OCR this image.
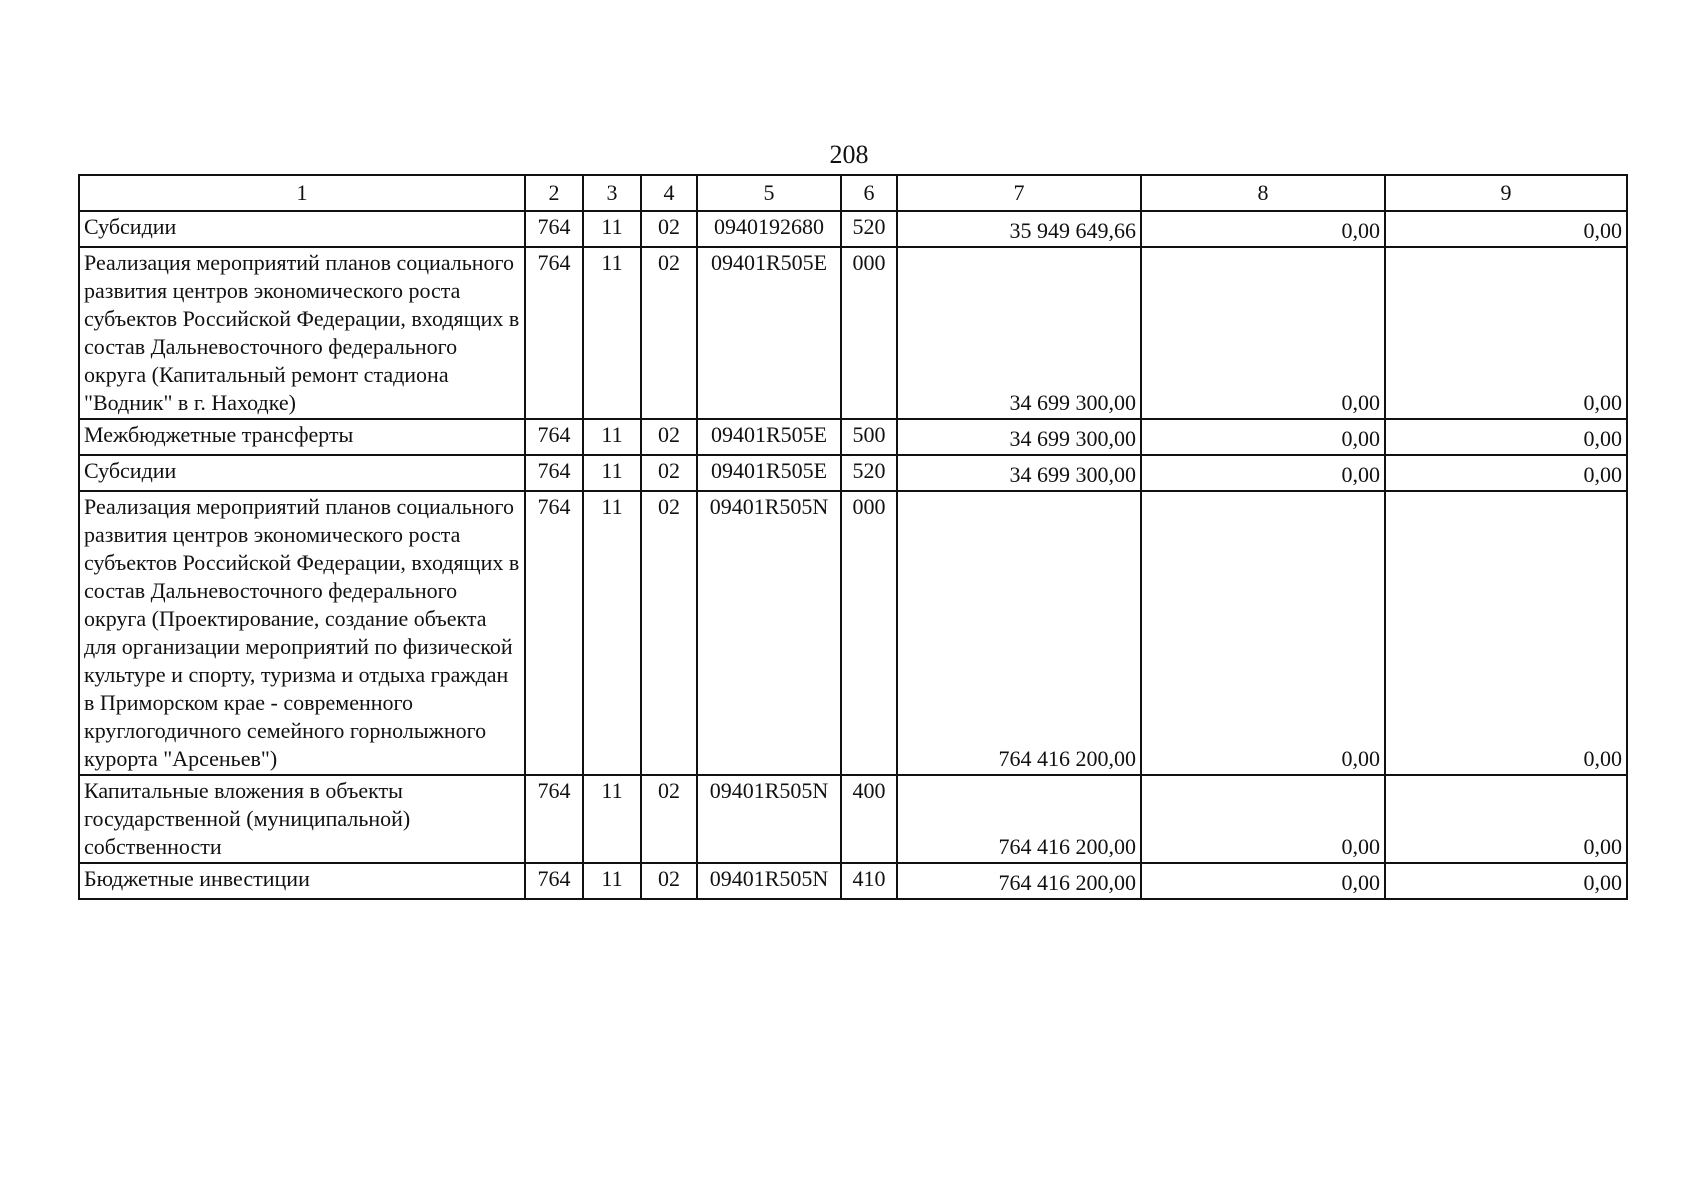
208
1	2	3	4	5	6	7	8	9
Субсидии	764	11	02	0940192680	520	35 949 649,66	0,00	0,00
Реализация мероприятий планов социального развития центров экономического роста субъектов Российской Федерации, входящих в состав Дальневосточного федерального округа (Капитальный ремонт стадиона "Водник" в г. Находке)	764	11	02	09401R505E	000	34 699 300,00	0,00	0,00
Межбюджетные трансферты	764	11	02	09401R505E	500	34 699 300,00	0,00	0,00
Субсидии	764	11	02	09401R505E	520	34 699 300,00	0,00	0,00
Реализация мероприятий планов социального развития центров экономического роста субъектов Российской Федерации, входящих в состав Дальневосточного федерального округа (Проектирование, создание объекта для организации мероприятий по физической культуре и спорту, туризма и отдыха граждан в Приморском крае - современного круглогодичного семейного горнолыжного курорта "Арсеньев")	764	11	02	09401R505N	000	764 416 200,00	0,00	0,00
Капитальные вложения в объекты государственной (муниципальной) собственности	764	11	02	09401R505N	400	764 416 200,00	0,00	0,00
Бюджетные инвестиции	764	11	02	09401R505N	410	764 416 200,00	0,00	0,00
